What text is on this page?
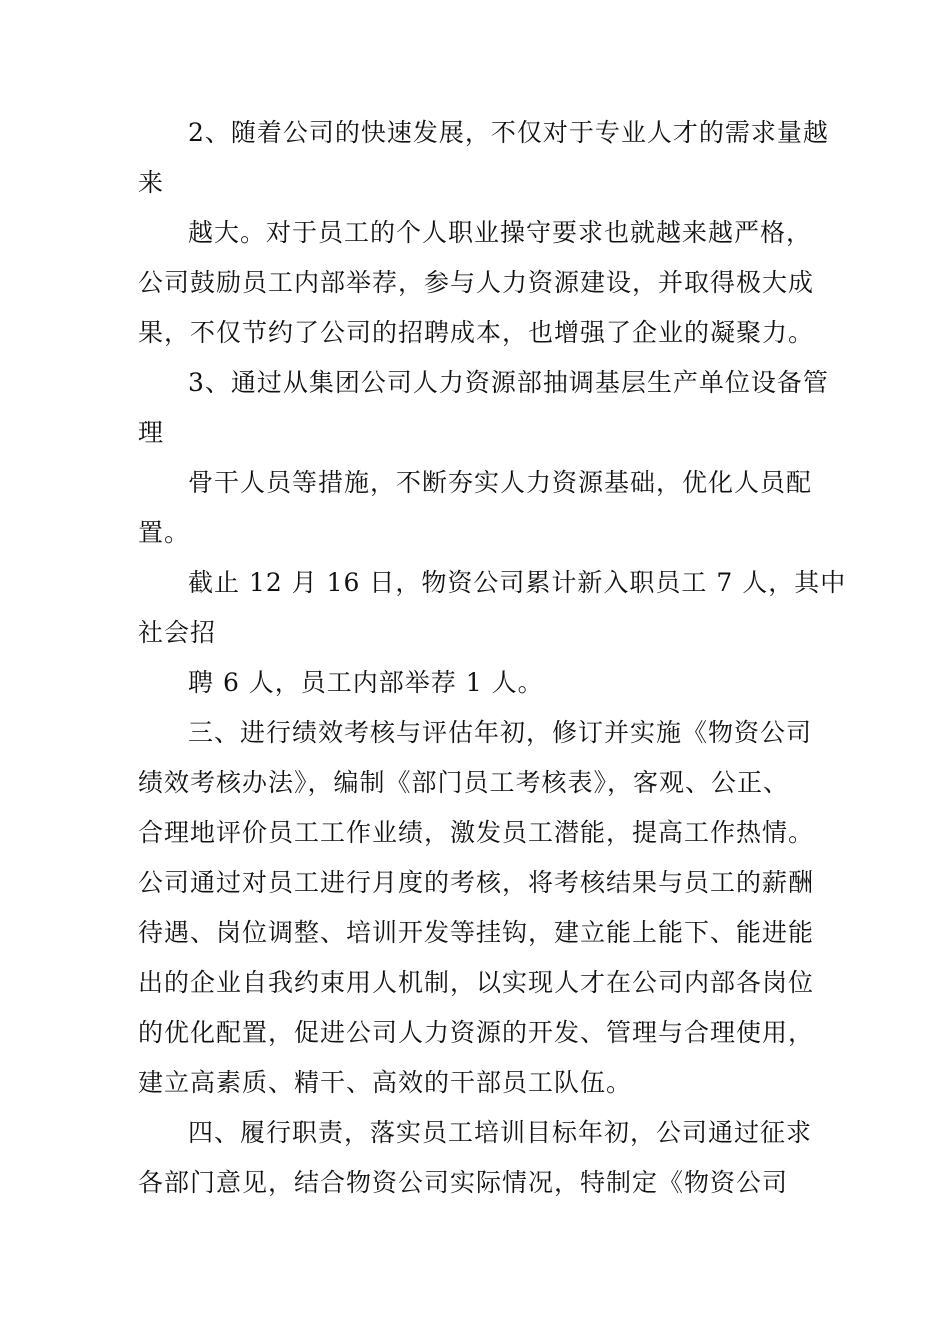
2、随着公司的快速发展，不仅对于专业人才的需求量越
来
越大。对于员工的个人职业操守要求也就越来越严格，
公司鼓励员工内部举荐，参与人力资源建设，并取得极大成
果，不仅节约了公司的招聘成本，也增强了企业的凝聚力。
3、通过从集团公司人力资源部抽调基层生产单位设备管
理
骨干人员等措施，不断夯实人力资源基础，优化人员配
置。
截止 12 月 16 日，物资公司累计新入职员工 7 人，其中
社会招
聘 6 人，员工内部举荐 1 人。
三、进行绩效考核与评估年初，修订并实施《物资公司
绩效考核办法》，编制《部门员工考核表》，客观、公正、
合理地评价员工工作业绩，激发员工潜能，提高工作热情。
公司通过对员工进行月度的考核，将考核结果与员工的薪酬
待遇、岗位调整、培训开发等挂钩，建立能上能下、能进能
出的企业自我约束用人机制，以实现人才在公司内部各岗位
的优化配置，促进公司人力资源的开发、管理与合理使用，
建立高素质、精干、高效的干部员工队伍。
四、履行职责，落实员工培训目标年初，公司通过征求
各部门意见，结合物资公司实际情况，特制定《物资公司
